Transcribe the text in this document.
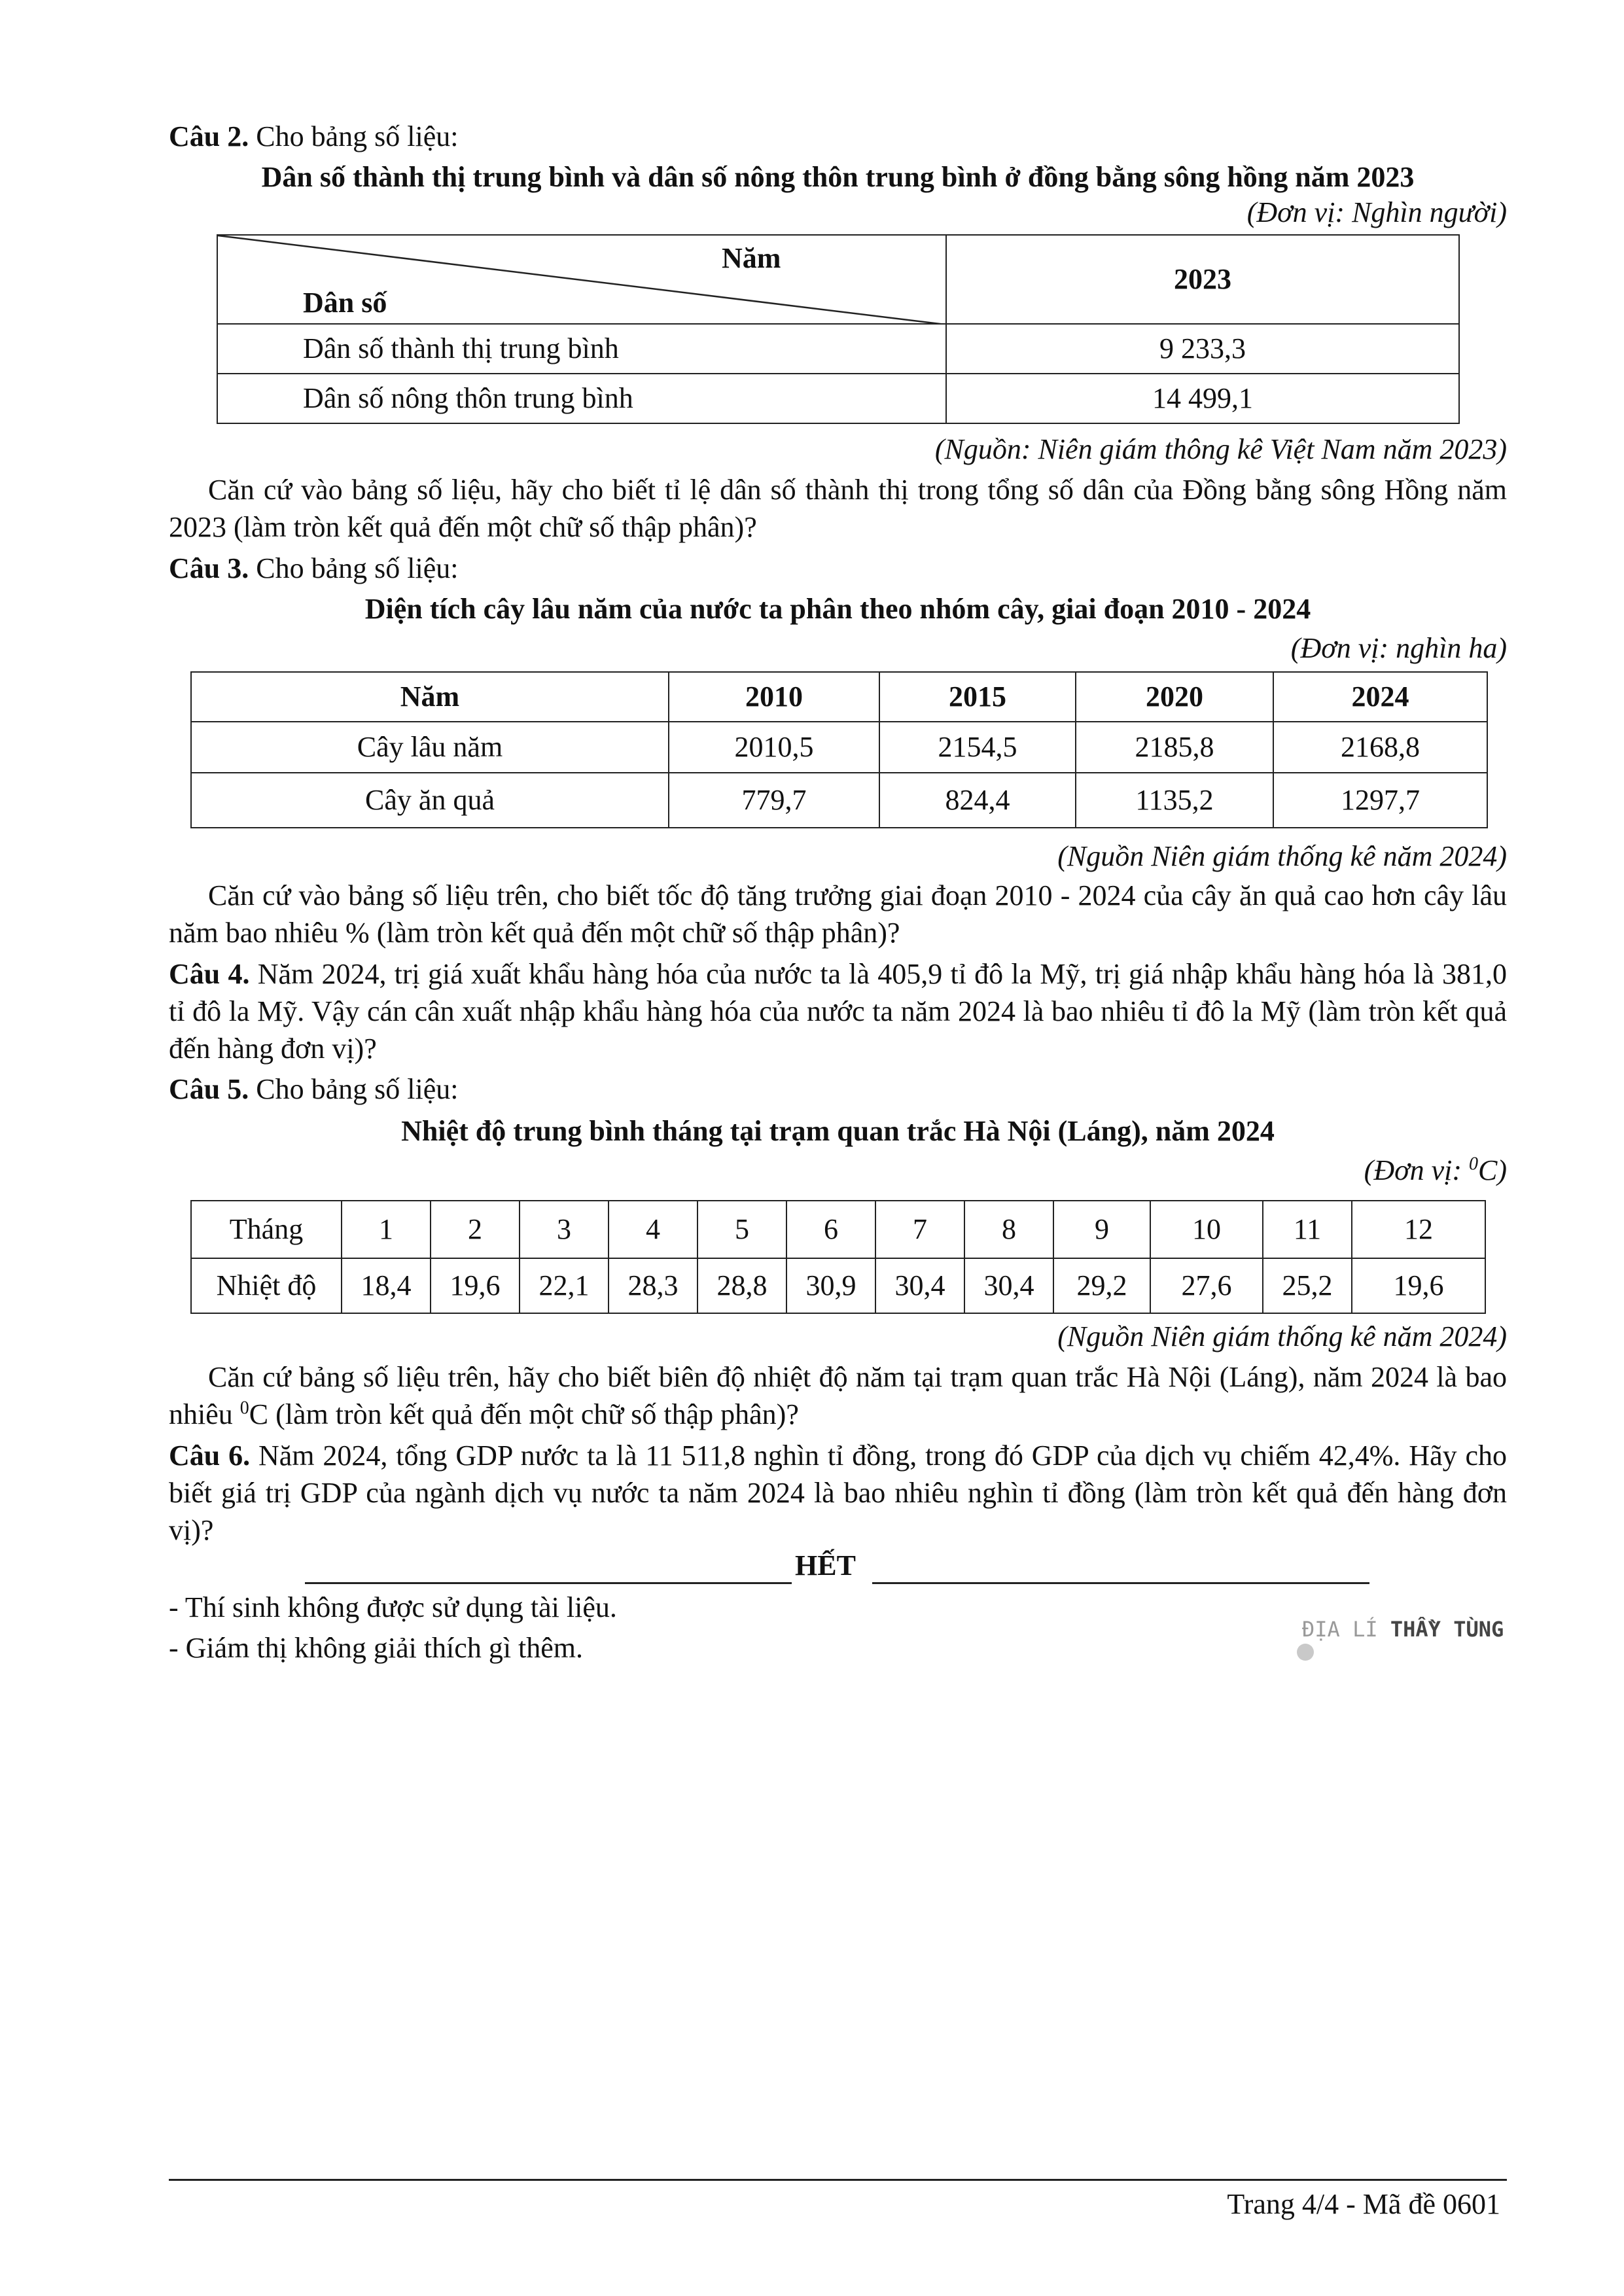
Câu 2. Cho bảng số liệu:
Dân số thành thị trung bình và dân số nông thôn trung bình ở đồng bằng sông hồng năm 2023
(Đơn vị: Nghìn người)
Năm
Dân số	2023
Dân số thành thị trung bình	9 233,3
Dân số nông thôn trung bình	14 499,1
(Nguồn: Niên giám thông kê Việt Nam năm 2023)
Căn cứ vào bảng số liệu, hãy cho biết tỉ lệ dân số thành thị trong tổng số dân của Đồng bằng sông Hồng năm 2023 (làm tròn kết quả đến một chữ số thập phân)?
Câu 3. Cho bảng số liệu:
Diện tích cây lâu năm của nước ta phân theo nhóm cây, giai đoạn 2010 - 2024
(Đơn vị: nghìn ha)
Năm	2010	2015	2020	2024
Cây lâu năm	2010,5	2154,5	2185,8	2168,8
Cây ăn quả	779,7	824,4	1135,2	1297,7
(Nguồn Niên giám thống kê năm 2024)
Căn cứ vào bảng số liệu trên, cho biết tốc độ tăng trưởng giai đoạn 2010 - 2024 của cây ăn quả cao hơn cây lâu năm bao nhiêu % (làm tròn kết quả đến một chữ số thập phân)?
Câu 4. Năm 2024, trị giá xuất khẩu hàng hóa của nước ta là 405,9 tỉ đô la Mỹ, trị giá nhập khẩu hàng hóa là 381,0 tỉ đô la Mỹ. Vậy cán cân xuất nhập khẩu hàng hóa của nước ta năm 2024 là bao nhiêu tỉ đô la Mỹ (làm tròn kết quả đến hàng đơn vị)?
Câu 5. Cho bảng số liệu:
Nhiệt độ trung bình tháng tại trạm quan trắc Hà Nội (Láng), năm 2024
(Đơn vị: $^0$C)
Tháng	1	2	3	4	5	6	7	8	9	10	11	12
Nhiệt độ	18,4	19,6	22,1	28,3	28,8	30,9	30,4	30,4	29,2	27,6	25,2	19,6
(Nguồn Niên giám thống kê năm 2024)
Căn cứ bảng số liệu trên, hãy cho biết biên độ nhiệt độ năm tại trạm quan trắc Hà Nội (Láng), năm 2024 là bao nhiêu $^0$C (làm tròn kết quả đến một chữ số thập phân)?
Câu 6. Năm 2024, tổng GDP nước ta là 11 511,8 nghìn tỉ đồng, trong đó GDP của dịch vụ chiếm 42,4%. Hãy cho biết giá trị GDP của ngành dịch vụ nước ta năm 2024 là bao nhiêu nghìn tỉ đồng (làm tròn kết quả đến hàng đơn vị)?
HẾT
- Thí sinh không được sử dụng tài liệu.
- Giám thị không giải thích gì thêm.
ĐỊA LÍ THẦY TÙNG
Trang 4/4 - Mã đề 0601
